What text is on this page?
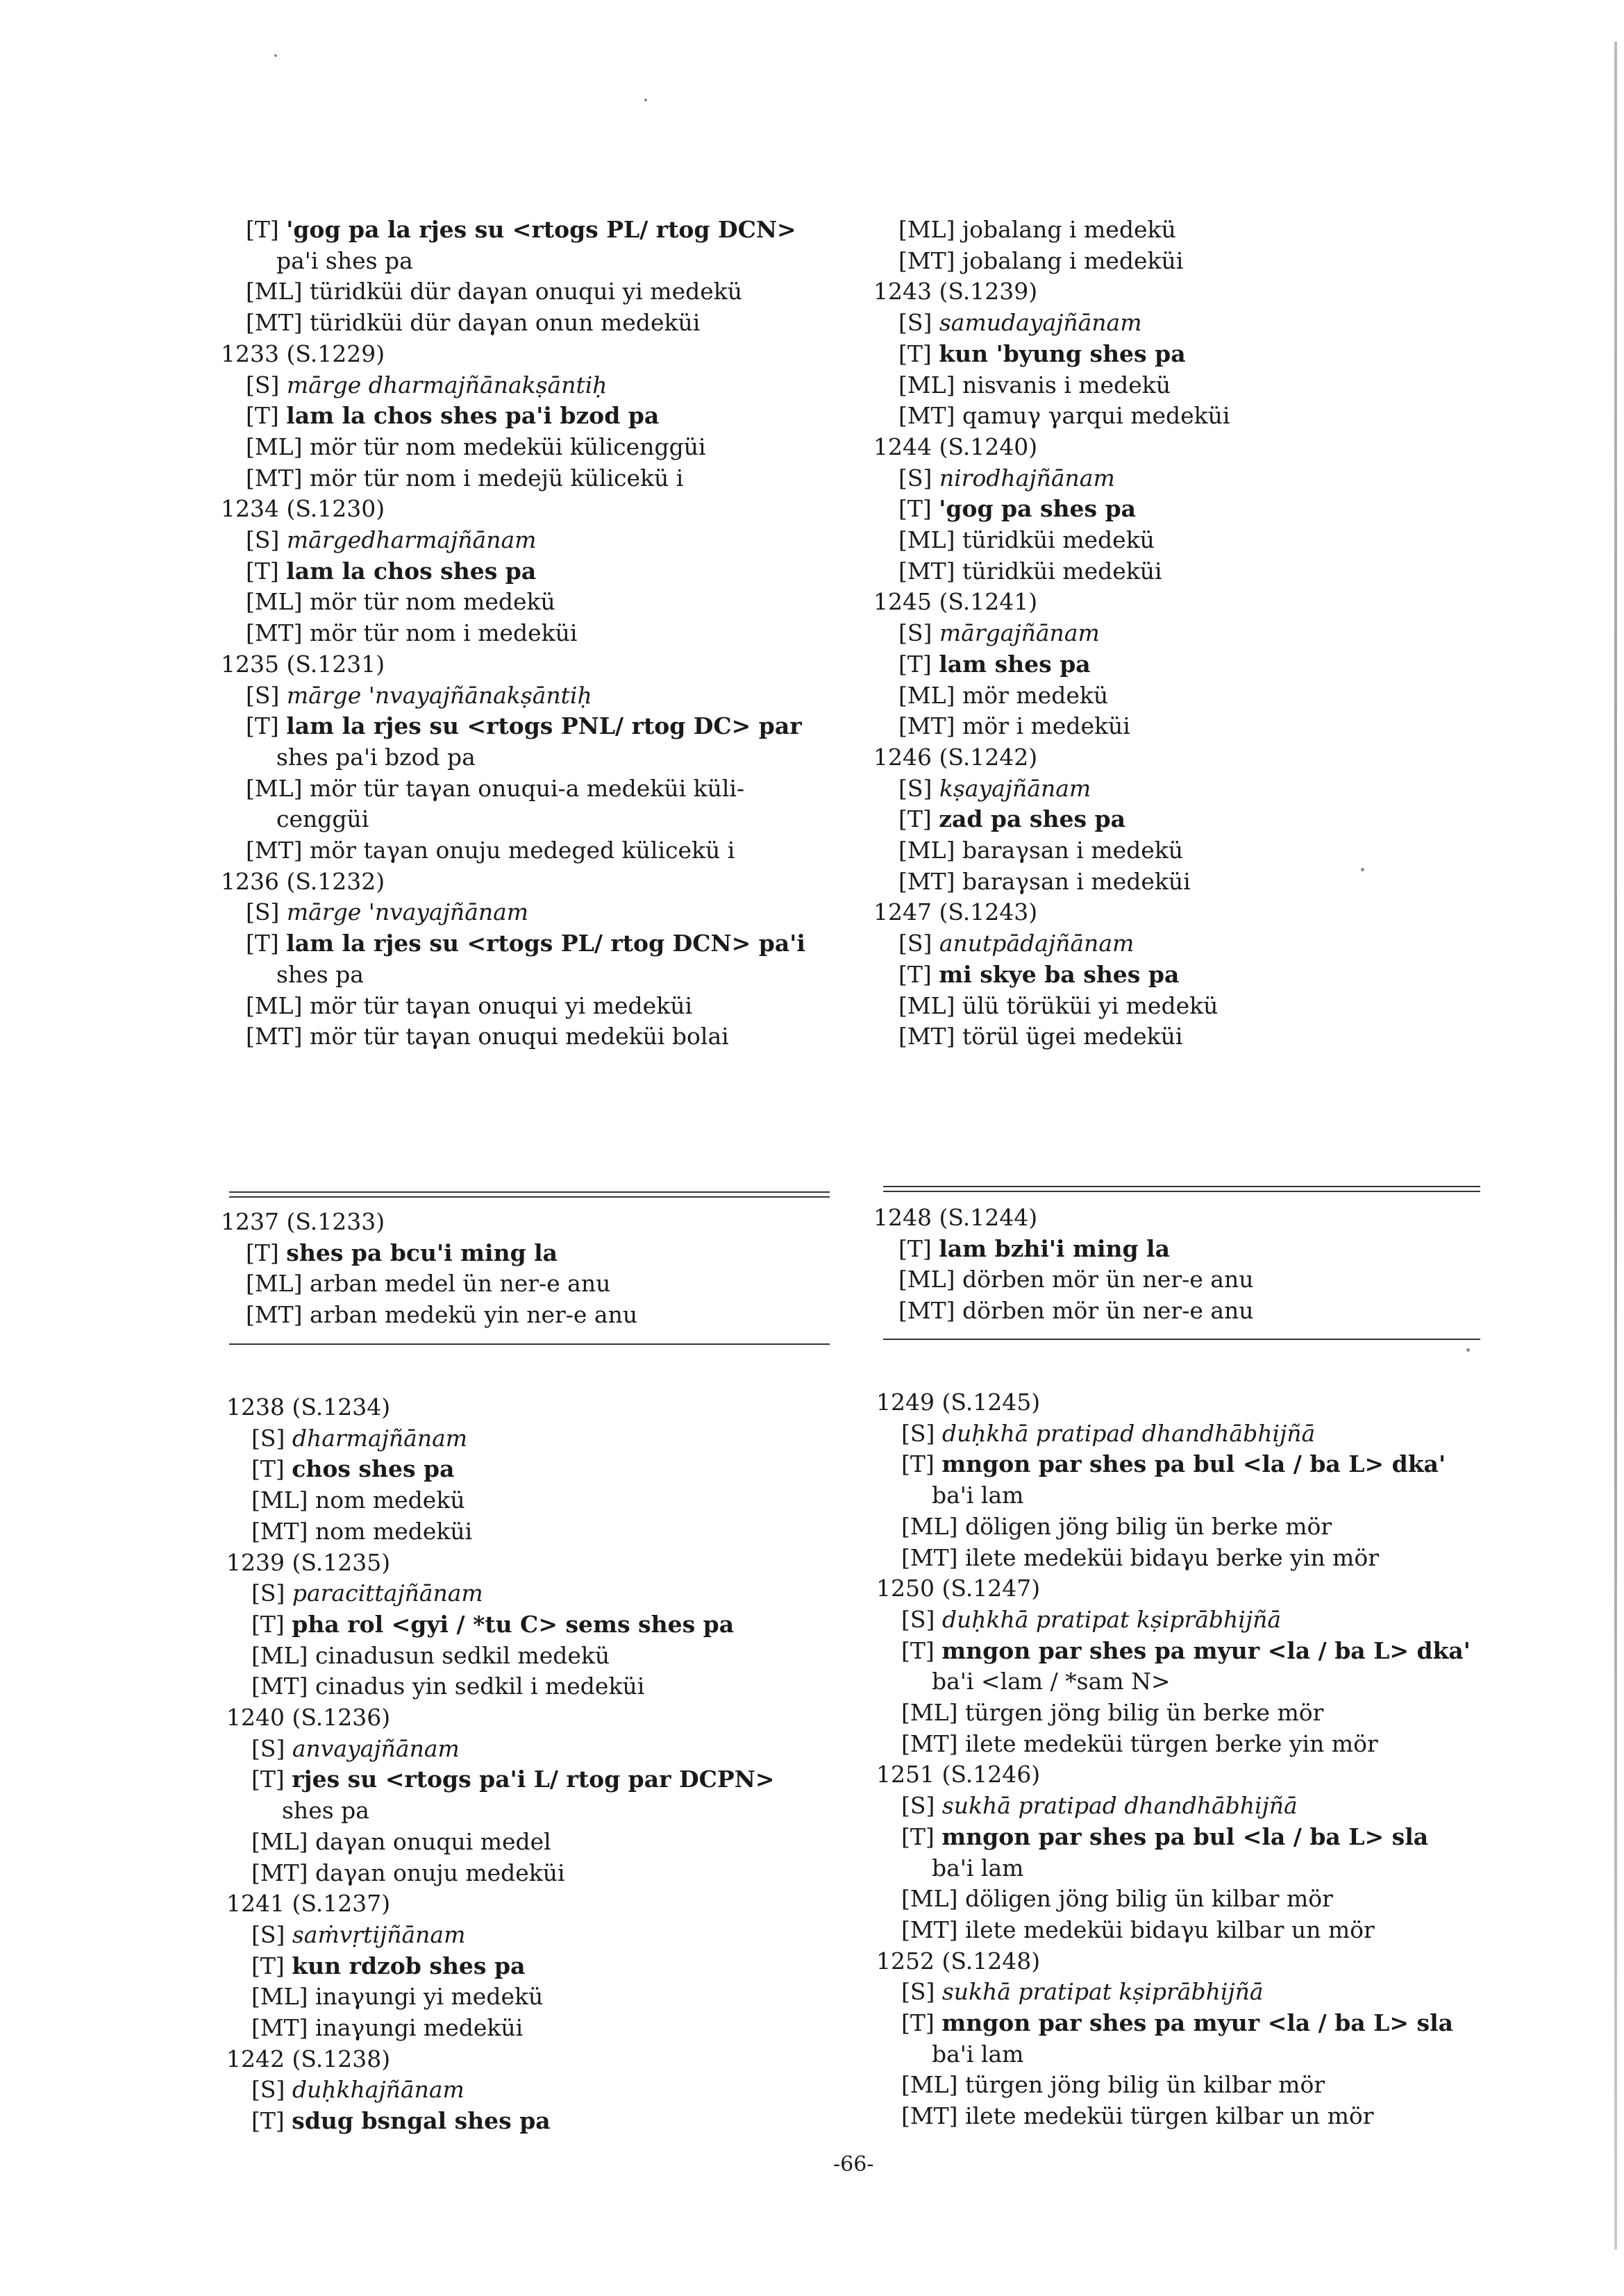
[T] 'gog pa la rjes su <rtogs PL/ rtog DCN>
pa'i shes pa
[ML] türidküi dür daγan onuqui yi medekü
[MT] türidküi dür daγan onun medeküi
1233 (S.1229)
[S] mārge dharmajñānakṣāntiḥ
[T] lam la chos shes pa'i bzod pa
[ML] mör tür nom medeküi külicenggüi
[MT] mör tür nom i medejü külicekü i
1234 (S.1230)
[S] mārgedharmajñānam
[T] lam la chos shes pa
[ML] mör tür nom medekü
[MT] mör tür nom i medeküi
1235 (S.1231)
[S] mārge 'nvayajñānakṣāntiḥ
[T] lam la rjes su <rtogs PNL/ rtog DC> par
shes pa'i bzod pa
[ML] mör tür taγan onuqui-a medeküi küli-
cenggüi
[MT] mör taγan onuju medeged külicekü i
1236 (S.1232)
[S] mārge 'nvayajñānam
[T] lam la rjes su <rtogs PL/ rtog DCN> pa'i
shes pa
[ML] mör tür taγan onuqui yi medeküi
[MT] mör tür taγan onuqui medeküi bolai
[ML] jobalang i medekü
[MT] jobalang i medeküi
1243 (S.1239)
[S] samudayajñānam
[T] kun 'byung shes pa
[ML] nisvanis i medekü
[MT] qamuγ γarqui medeküi
1244 (S.1240)
[S] nirodhajñānam
[T] 'gog pa shes pa
[ML] türidküi medekü
[MT] türidküi medeküi
1245 (S.1241)
[S] mārgajñānam
[T] lam shes pa
[ML] mör medekü
[MT] mör i medeküi
1246 (S.1242)
[S] kṣayajñānam
[T] zad pa shes pa
[ML] baraγsan i medekü
[MT] baraγsan i medeküi
1247 (S.1243)
[S] anutpādajñānam
[T] mi skye ba shes pa
[ML] ülü törüküi yi medekü
[MT] törül ügei medeküi
1237 (S.1233)
[T] shes pa bcu'i ming la
[ML] arban medel ün ner-e anu
[MT] arban medekü yin ner-e anu
1248 (S.1244)
[T] lam bzhi'i ming la
[ML] dörben mör ün ner-e anu
[MT] dörben mör ün ner-e anu
1238 (S.1234)
[S] dharmajñānam
[T] chos shes pa
[ML] nom medekü
[MT] nom medeküi
1239 (S.1235)
[S] paracittajñānam
[T] pha rol <gyi / *tu C> sems shes pa
[ML] cinadusun sedkil medekü
[MT] cinadus yin sedkil i medeküi
1240 (S.1236)
[S] anvayajñānam
[T] rjes su <rtogs pa'i L/ rtog par DCPN>
shes pa
[ML] daγan onuqui medel
[MT] daγan onuju medeküi
1241 (S.1237)
[S] saṁvṛtijñānam
[T] kun rdzob shes pa
[ML] inaγungi yi medekü
[MT] inaγungi medeküi
1242 (S.1238)
[S] duḥkhajñānam
[T] sdug bsngal shes pa
1249 (S.1245)
[S] duḥkhā pratipad dhandhābhijñā
[T] mngon par shes pa bul <la / ba L> dka'
ba'i lam
[ML] döligen jöng bilig ün berke mör
[MT] ilete medeküi bidaγu berke yin mör
1250 (S.1247)
[S] duḥkhā pratipat kṣiprābhijñā
[T] mngon par shes pa myur <la / ba L> dka'
ba'i <lam / *sam N>
[ML] türgen jöng bilig ün berke mör
[MT] ilete medeküi türgen berke yin mör
1251 (S.1246)
[S] sukhā pratipad dhandhābhijñā
[T] mngon par shes pa bul <la / ba L> sla
ba'i lam
[ML] döligen jöng bilig ün kilbar mör
[MT] ilete medeküi bidaγu kilbar un mör
1252 (S.1248)
[S] sukhā pratipat kṣiprābhijñā
[T] mngon par shes pa myur <la / ba L> sla
ba'i lam
[ML] türgen jöng bilig ün kilbar mör
[MT] ilete medeküi türgen kilbar un mör
-66-
